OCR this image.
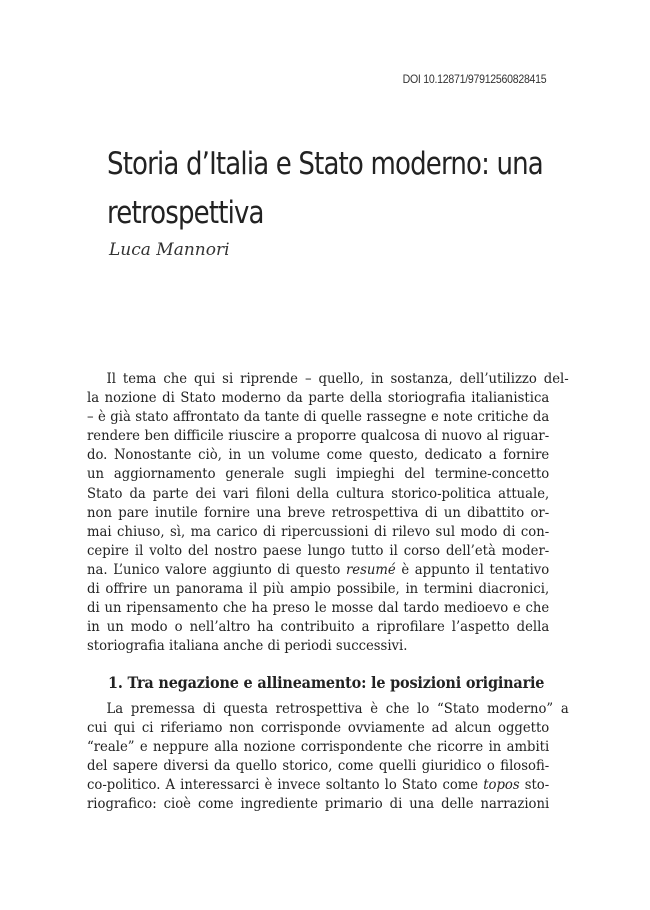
DOI 10.12871/97912560828415
Storia d’Italia e Stato moderno: una
retrospettiva
Luca Mannori
Il tema che qui si riprende – quello, in sostanza, dell’utilizzo del-
la nozione di Stato moderno da parte della storiografia italianistica
– è già stato affrontato da tante di quelle rassegne e note critiche da
rendere ben difficile riuscire a proporre qualcosa di nuovo al riguar-
do. Nonostante ciò, in un volume come questo, dedicato a fornire
un aggiornamento generale sugli impieghi del termine-concetto
Stato da parte dei vari filoni della cultura storico-politica attuale,
non pare inutile fornire una breve retrospettiva di un dibattito or-
mai chiuso, sì, ma carico di ripercussioni di rilevo sul modo di con-
cepire il volto del nostro paese lungo tutto il corso dell’età moder-
na. L’unico valore aggiunto di questo resumé è appunto il tentativo
di offrire un panorama il più ampio possibile, in termini diacronici,
di un ripensamento che ha preso le mosse dal tardo medioevo e che
in un modo o nell’altro ha contribuito a riprofilare l’aspetto della
storiografia italiana anche di periodi successivi.
1. Tra negazione e allineamento: le posizioni originarie
La premessa di questa retrospettiva è che lo “Stato moderno” a
cui qui ci riferiamo non corrisponde ovviamente ad alcun oggetto
“reale” e neppure alla nozione corrispondente che ricorre in ambiti
del sapere diversi da quello storico, come quelli giuridico o filosofi-
co-politico. A interessarci è invece soltanto lo Stato come topos sto-
riografico: cioè come ingrediente primario di una delle narrazioni
